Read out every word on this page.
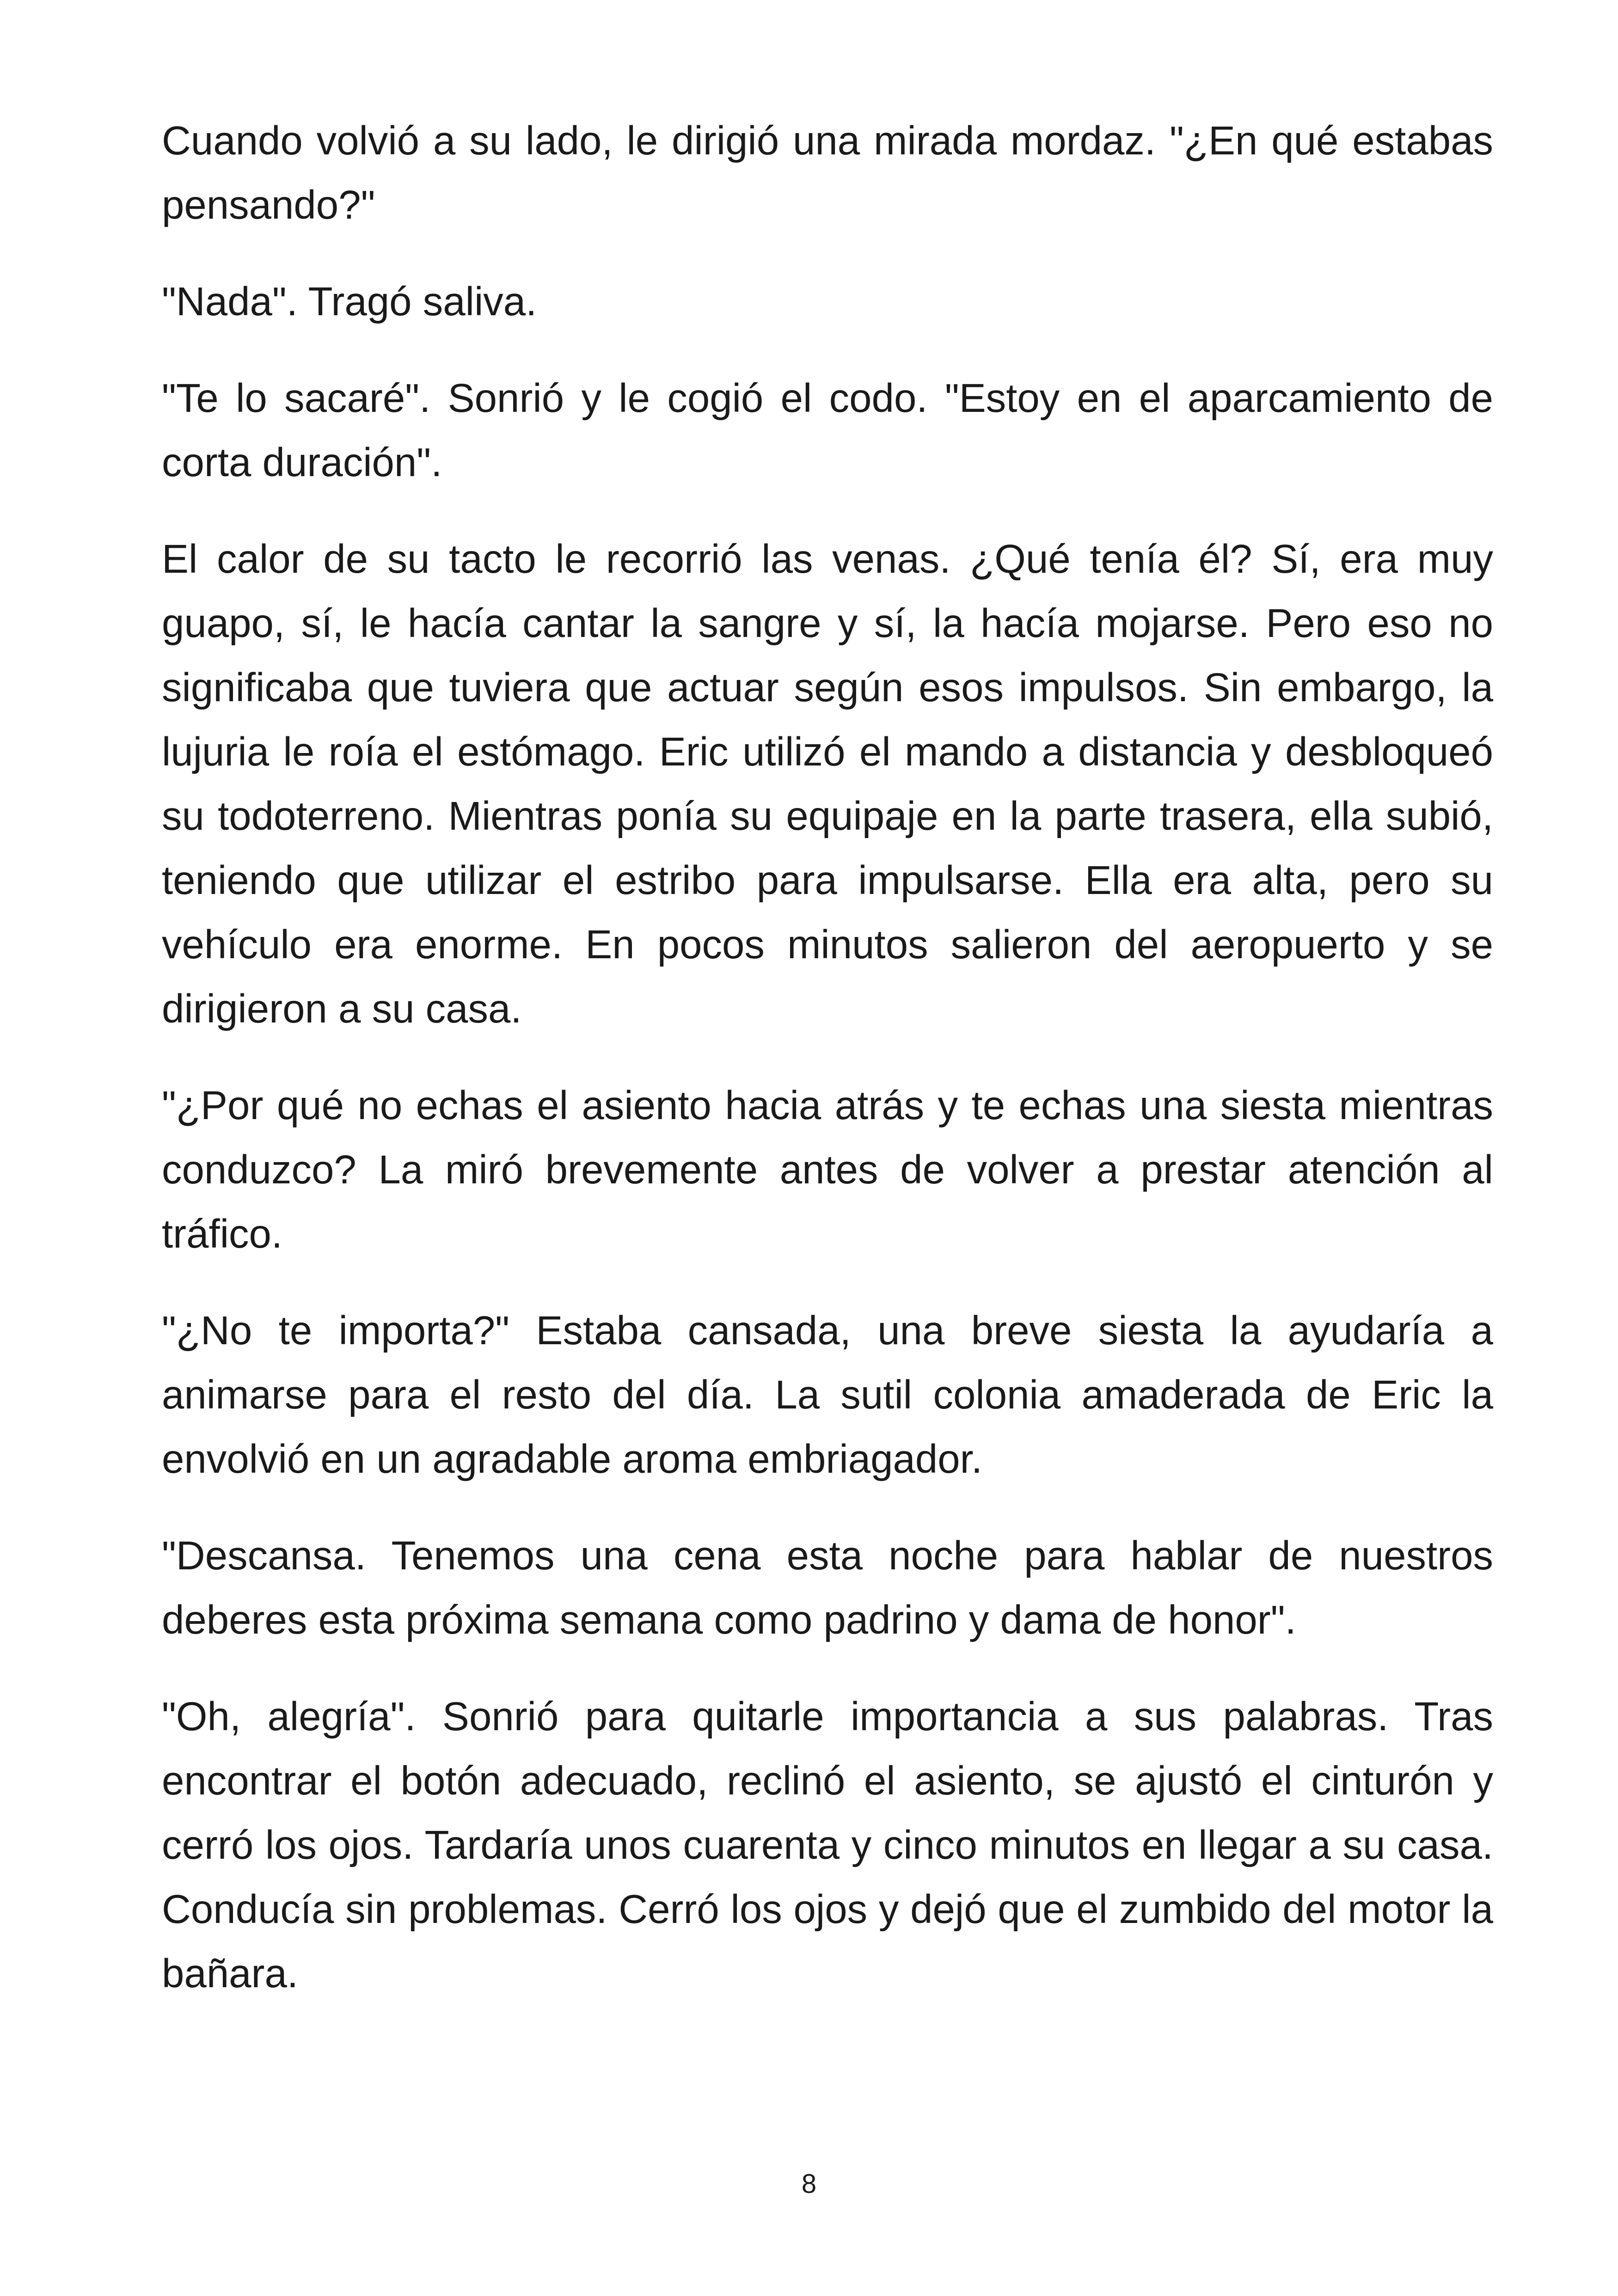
Cuando volvió a su lado, le dirigió una mirada mordaz. "¿En qué estabas pensando?"

"Nada". Tragó saliva.

"Te lo sacaré". Sonrió y le cogió el codo. "Estoy en el aparcamiento de corta duración".

El calor de su tacto le recorrió las venas. ¿Qué tenía él? Sí, era muy guapo, sí, le hacía cantar la sangre y sí, la hacía mojarse. Pero eso no significaba que tuviera que actuar según esos impulsos. Sin embargo, la lujuria le roía el estómago. Eric utilizó el mando a distancia y desbloqueó su todoterreno. Mientras ponía su equipaje en la parte trasera, ella subió, teniendo que utilizar el estribo para impulsarse. Ella era alta, pero su vehículo era enorme. En pocos minutos salieron del aeropuerto y se dirigieron a su casa.

"¿Por qué no echas el asiento hacia atrás y te echas una siesta mientras conduzco? La miró brevemente antes de volver a prestar atención al tráfico.

"¿No te importa?" Estaba cansada, una breve siesta la ayudaría a animarse para el resto del día. La sutil colonia amaderada de Eric la envolvió en un agradable aroma embriagador.

"Descansa. Tenemos una cena esta noche para hablar de nuestros deberes esta próxima semana como padrino y dama de honor".

"Oh, alegría". Sonrió para quitarle importancia a sus palabras. Tras encontrar el botón adecuado, reclinó el asiento, se ajustó el cinturón y cerró los ojos. Tardaría unos cuarenta y cinco minutos en llegar a su casa. Conducía sin problemas. Cerró los ojos y dejó que el zumbido del motor la bañara.

8
